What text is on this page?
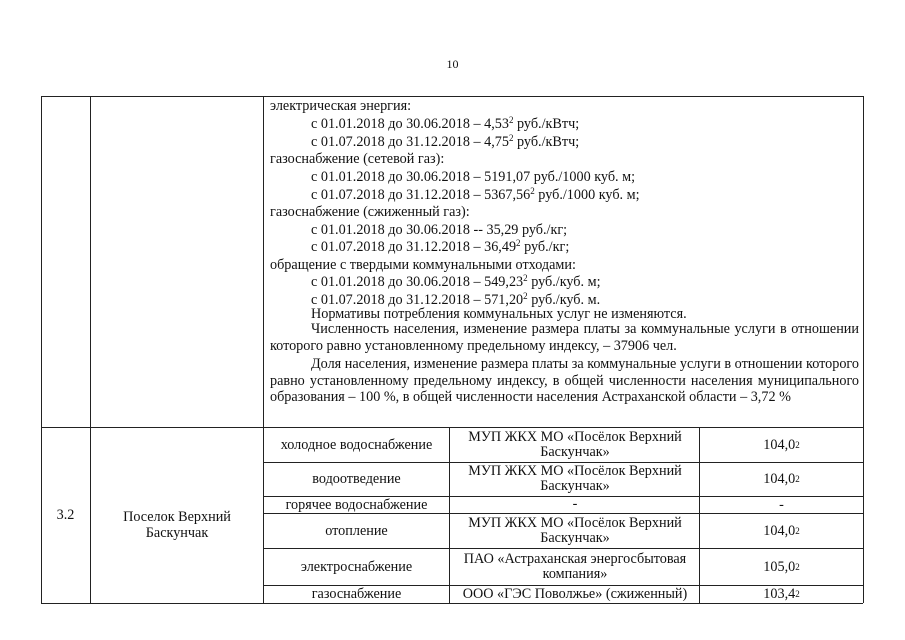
10
электрическая энергия:
с 01.01.2018 до 30.06.2018 – 4,53$^2$ руб./кВтч;
с 01.07.2018 до 31.12.2018 – 4,75$^2$ руб./кВтч;
газоснабжение (сетевой газ):
с 01.01.2018 до 30.06.2018 – 5191,07 руб./1000 куб. м;
с 01.07.2018 до 31.12.2018 – 5367,56$^2$ руб./1000 куб. м;
газоснабжение (сжиженный газ):
с 01.01.2018 до 30.06.2018 -- 35,29 руб./кг;
с 01.07.2018 до 31.12.2018 – 36,49$^2$ руб./кг;
обращение с твердыми коммунальными отходами:
с 01.01.2018 до 30.06.2018 – 549,23$^2$ руб./куб. м;
с 01.07.2018 до 31.12.2018 – 571,20$^2$ руб./куб. м.
Нормативы потребления коммунальных услуг не изменяются.
Численность населения, изменение размера платы за коммунальные услуги в отношении которого равно установленному предельному индексу, – 37906 чел.
Доля населения, изменение размера платы за коммунальные услуги в отношении которого равно установленному предельному индексу, в общей численности населения муниципального образования – 100 %, в общей численности населения Астраханской области – 3,72 %
3.2	Поселок Верхний Баскунчак
холодное водоснабжение	МУП ЖКХ МО «Посёлок Верхний Баскунчак»	104,0 2
водоотведение	МУП ЖКХ МО «Посёлок Верхний Баскунчак»	104,0 2
горячее водоснабжение	-	-
отопление	МУП ЖКХ МО «Посёлок Верхний Баскунчак»	104,0 2
электроснабжение	ПАО «Астраханская энергосбытовая компания»	105,0 2
газоснабжение	ООО «ГЭС Поволжье» (сжиженный)	103,4 2
